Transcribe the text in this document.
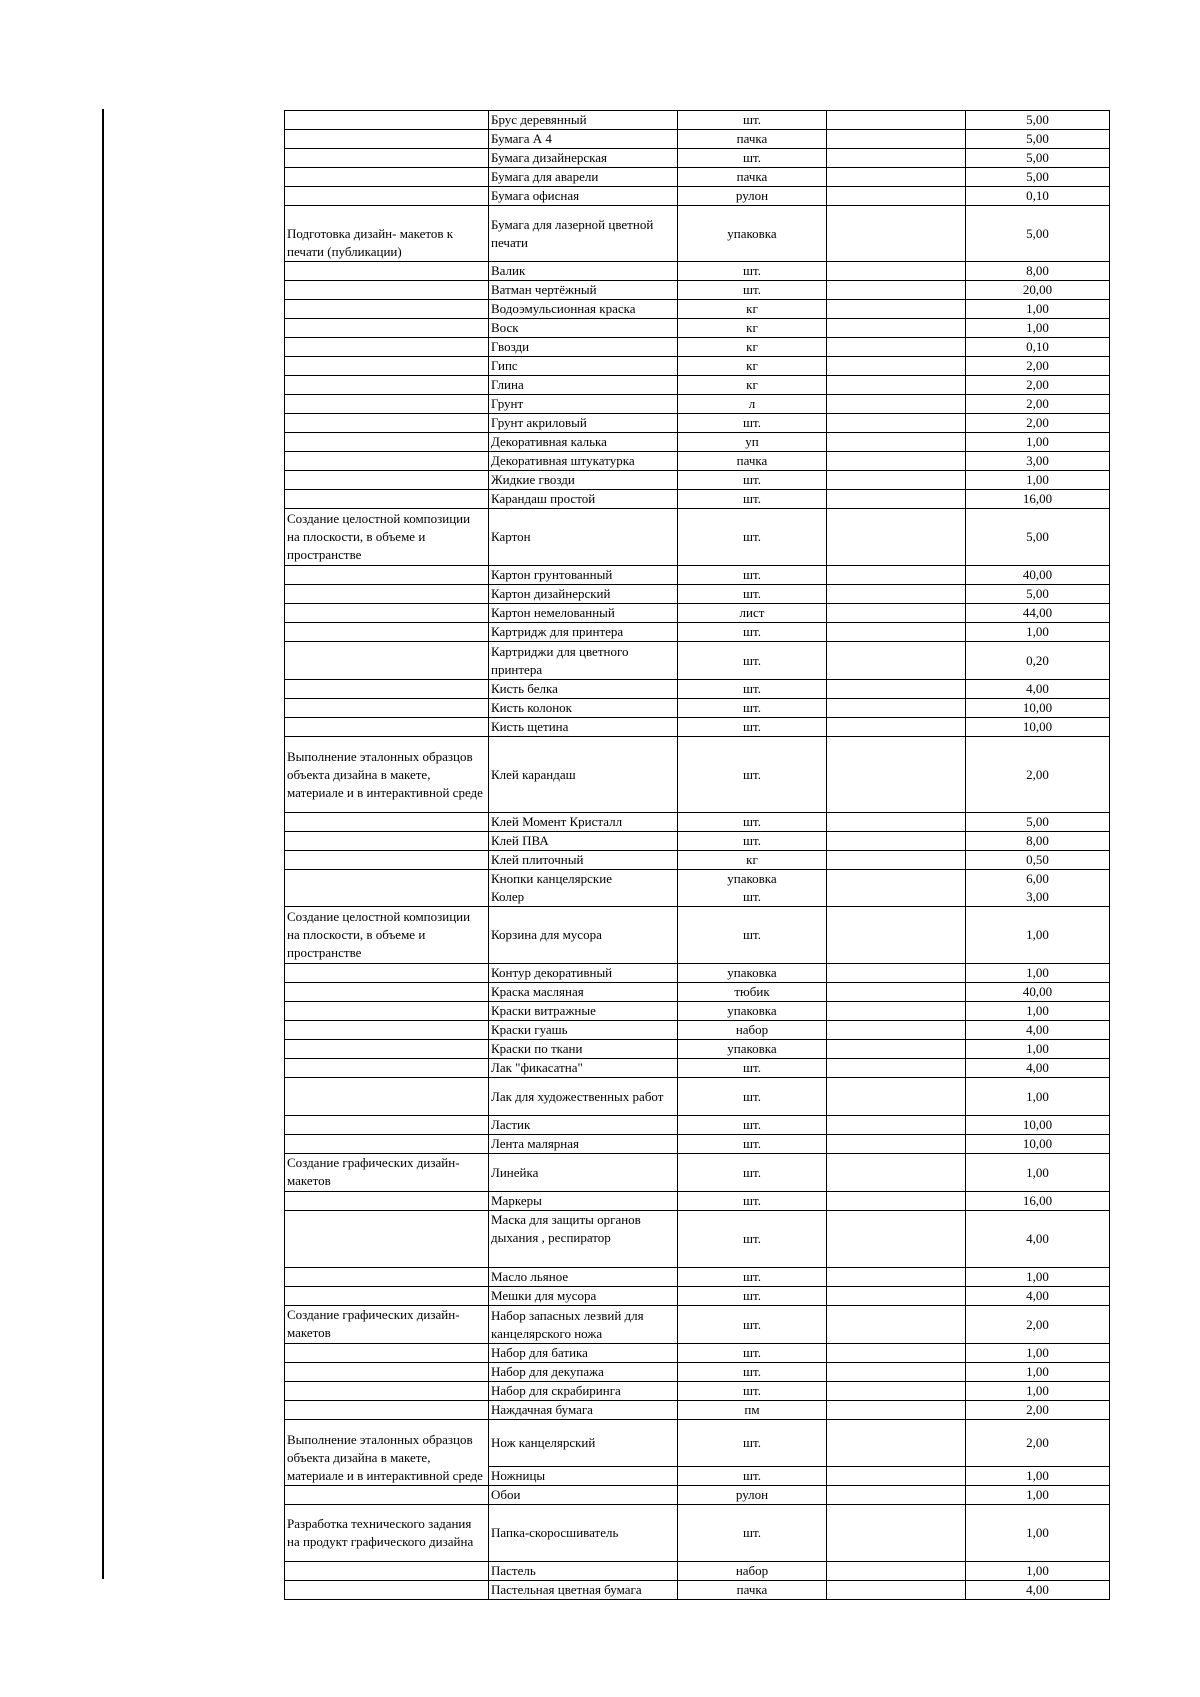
	Брус деревянный	шт.		5,00
	Бумага А 4	пачка		5,00
	Бумага дизайнерская	шт.		5,00
	Бумага для аварели	пачка		5,00
	Бумага офисная	рулон		0,10
Подготовка дизайн- макетов к печати (публикации)	Бумага для лазерной цветной печати	упаковка		5,00
	Валик	шт.		8,00
	Ватман чертёжный	шт.		20,00
	Водоэмульсионная краска	кг		1,00
	Воск	кг		1,00
	Гвозди	кг		0,10
	Гипс	кг		2,00
	Глина	кг		2,00
	Грунт	л		2,00
	Грунт акриловый	шт.		2,00
	Декоративная калька	уп		1,00
	Декоративная штукатурка	пачка		3,00
	Жидкие гвозди	шт.		1,00
	Карандаш простой	шт.		16,00
Создание целостной композиции на плоскости, в объеме и пространстве	Картон	шт.		5,00
	Картон грунтованный	шт.		40,00
	Картон дизайнерский	шт.		5,00
	Картон немелованный	лист		44,00
	Картридж для принтера	шт.		1,00
	Картриджи для цветного принтера	шт.		0,20
	Кисть белка	шт.		4,00
	Кисть колонок	шт.		10,00
	Кисть щетина	шт.		10,00
Выполнение эталонных образцов объекта дизайна в макете, материале и в интерактивной среде	Клей карандаш	шт.		2,00
	Клей Момент Кристалл	шт.		5,00
	Клей ПВА	шт.		8,00
	Клей плиточный	кг		0,50
	Кнопки канцелярские	упаковка		6,00
	Колер	шт.		3,00
Создание целостной композиции на плоскости, в объеме и пространстве	Корзина для мусора	шт.		1,00
	Контур декоративный	упаковка		1,00
	Краска масляная	тюбик		40,00
	Краски витражные	упаковка		1,00
	Краски гуашь	набор		4,00
	Краски по ткани	упаковка		1,00
	Лак "фикасатна"	шт.		4,00
	Лак для художественных работ	шт.		1,00
	Ластик	шт.		10,00
	Лента малярная	шт.		10,00
Создание графических дизайн-макетов	Линейка	шт.		1,00
	Маркеры	шт.		16,00
	Маска для защиты органов дыхания , респиратор	шт.		4,00
	Масло льяное	шт.		1,00
	Мешки для мусора	шт.		4,00
Создание графических дизайн-макетов	Набор запасных лезвий для канцелярского ножа	шт.		2,00
	Набор для батика	шт.		1,00
	Набор для декупажа	шт.		1,00
	Набор для скрабиринга	шт.		1,00
	Наждачная бумага	пм		2,00
Выполнение эталонных образцов объекта дизайна в макете, материале и в интерактивной среде	Нож канцелярский	шт.		2,00
	Ножницы	шт.		1,00
	Обои	рулон		1,00
Разработка технического задания на продукт графического дизайна	Папка-скоросшиватель	шт.		1,00
	Пастель	набор		1,00
	Пастельная цветная бумага	пачка		4,00
